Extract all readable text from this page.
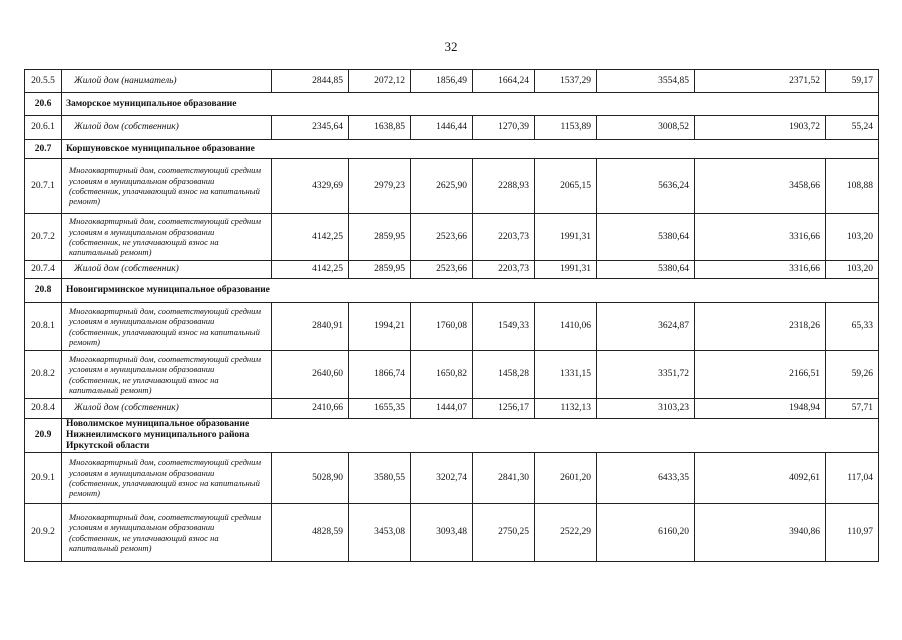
32
20.5.5	Жилой дом (наниматель)	2844,85	2072,12	1856,49	1664,24	1537,29	3554,85	2371,52	59,17
20.6	Заморское муниципальное образование								
20.6.1	Жилой дом (собственник)	2345,64	1638,85	1446,44	1270,39	1153,89	3008,52	1903,72	55,24
20.7	Коршуновское муниципальное образование								
20.7.1	Многоквартирный дом, соответствующий средним условиям в муниципальном образовании (собственник, уплачивающий взнос на капитальный ремонт)	4329,69	2979,23	2625,90	2288,93	2065,15	5636,24	3458,66	108,88
20.7.2	Многоквартирный дом, соответствующий средним условиям в муниципальном образовании (собственник, не уплачивающий взнос на капитальный ремонт)	4142,25	2859,95	2523,66	2203,73	1991,31	5380,64	3316,66	103,20
20.7.4	Жилой дом (собственник)	4142,25	2859,95	2523,66	2203,73	1991,31	5380,64	3316,66	103,20
20.8	Новоигирминское муниципальное образование								
20.8.1	Многоквартирный дом, соответствующий средним условиям в муниципальном образовании (собственник, уплачивающий взнос на капитальный ремонт)	2840,91	1994,21	1760,08	1549,33	1410,06	3624,87	2318,26	65,33
20.8.2	Многоквартирный дом, соответствующий средним условиям в муниципальном образовании (собственник, не уплачивающий взнос на капитальный ремонт)	2640,60	1866,74	1650,82	1458,28	1331,15	3351,72	2166,51	59,26
20.8.4	Жилой дом (собственник)	2410,66	1655,35	1444,07	1256,17	1132,13	3103,23	1948,94	57,71
20.9	Новолимское муниципальное образование Нижнеилимского муниципального района Иркутской области								
20.9.1	Многоквартирный дом, соответствующий средним условиям в муниципальном образовании (собственник, уплачивающий взнос на капитальный ремонт)	5028,90	3580,55	3202,74	2841,30	2601,20	6433,35	4092,61	117,04
20.9.2	Многоквартирный дом, соответствующий средним условиям в муниципальном образовании (собственник, не уплачивающий взнос на капитальный ремонт)	4828,59	3453,08	3093,48	2750,25	2522,29	6160,20	3940,86	110,97
